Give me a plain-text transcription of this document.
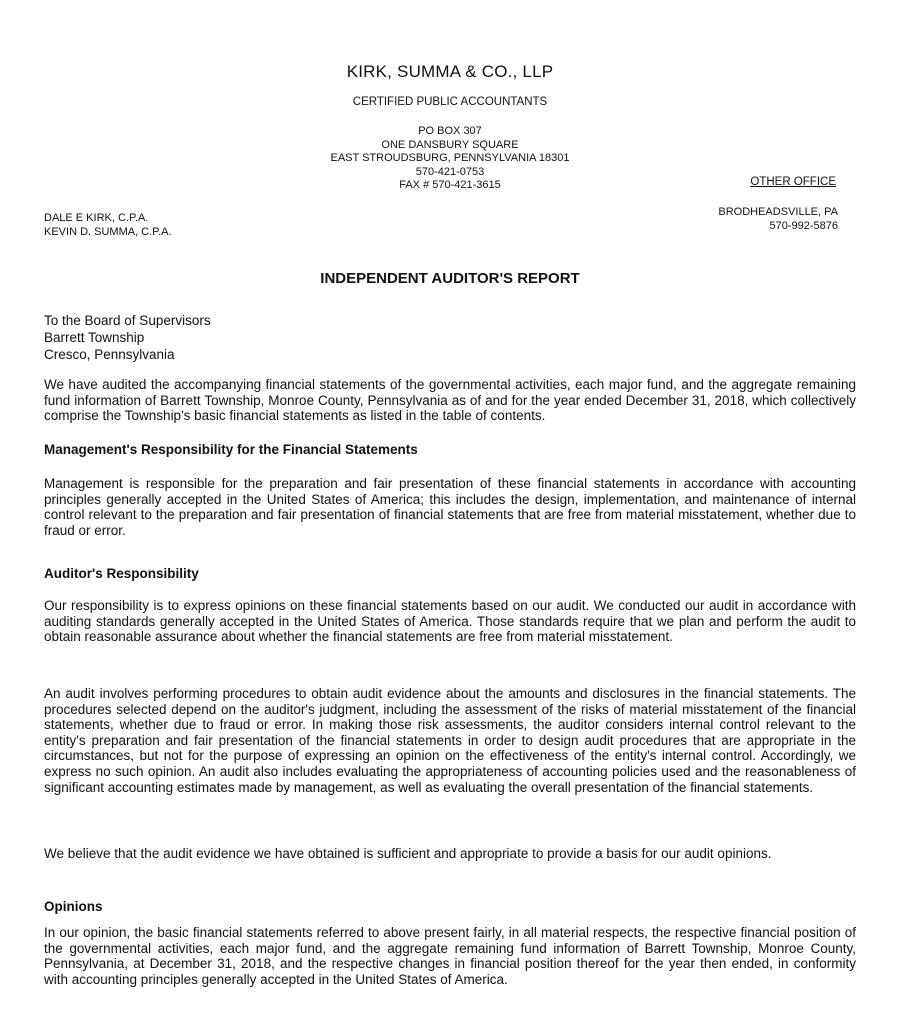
KIRK, SUMMA & CO., LLP
CERTIFIED PUBLIC ACCOUNTANTS
PO BOX 307
ONE DANSBURY SQUARE
EAST STROUDSBURG, PENNSYLVANIA 18301
570-421-0753
FAX # 570-421-3615	OTHER OFFICE
BRODHEADSVILLE, PA
570-992-5876
DALE E KIRK, C.P.A.
KEVIN D. SUMMA, C.P.A.
INDEPENDENT AUDITOR'S REPORT
To the Board of Supervisors
Barrett Township
Cresco, Pennsylvania
We have audited the accompanying financial statements of the governmental activities, each major fund, and the aggregate remaining fund information of Barrett Township, Monroe County, Pennsylvania as of and for the year ended December 31, 2018, which collectively comprise the Township's basic financial statements as listed in the table of contents.
Management's Responsibility for the Financial Statements
Management is responsible for the preparation and fair presentation of these financial statements in accordance with accounting principles generally accepted in the United States of America; this includes the design, implementation, and maintenance of internal control relevant to the preparation and fair presentation of financial statements that are free from material misstatement, whether due to fraud or error.
Auditor's Responsibility
Our responsibility is to express opinions on these financial statements based on our audit. We conducted our audit in accordance with auditing standards generally accepted in the United States of America. Those standards require that we plan and perform the audit to obtain reasonable assurance about whether the financial statements are free from material misstatement.
An audit involves performing procedures to obtain audit evidence about the amounts and disclosures in the financial statements. The procedures selected depend on the auditor's judgment, including the assessment of the risks of material misstatement of the financial statements, whether due to fraud or error. In making those risk assessments, the auditor considers internal control relevant to the entity's preparation and fair presentation of the financial statements in order to design audit procedures that are appropriate in the circumstances, but not for the purpose of expressing an opinion on the effectiveness of the entity's internal control. Accordingly, we express no such opinion. An audit also includes evaluating the appropriateness of accounting policies used and the reasonableness of significant accounting estimates made by management, as well as evaluating the overall presentation of the financial statements.
We believe that the audit evidence we have obtained is sufficient and appropriate to provide a basis for our audit opinions.
Opinions
In our opinion, the basic financial statements referred to above present fairly, in all material respects, the respective financial position of the governmental activities, each major fund, and the aggregate remaining fund information of Barrett Township, Monroe County, Pennsylvania, at December 31, 2018, and the respective changes in financial position thereof for the year then ended, in conformity with accounting principles generally accepted in the United States of America.
